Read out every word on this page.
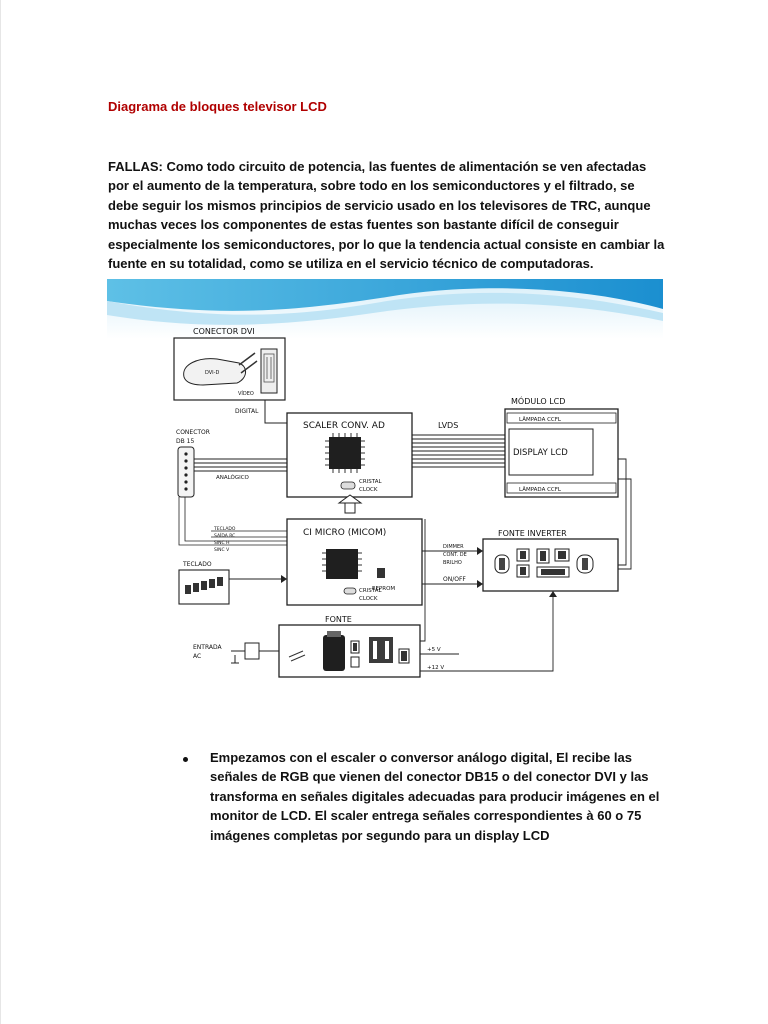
Diagrama de bloques televisor LCD
FALLAS: Como todo circuito de potencia, las fuentes de alimentación se ven afectadas por el aumento de la temperatura, sobre todo en los semiconductores y el filtrado, se debe seguir los mismos principios de servicio usado en los televisores de TRC, aunque muchas veces los componentes de estas fuentes son bastante difícil de conseguir especialmente los semiconductores, por lo que la tendencia actual consiste en cambiar la fuente en su totalidad, como se utiliza en el servicio técnico de computadoras.
CONECTOR DVI
DVI-D
VÍDEO
DIGITAL
CONECTOR
DB 15
ANALÓGICO
SCALER CONV. AD
CRISTAL
CLOCK
LVDS
MÓDULO LCD
LÂMPADA CCFL
DISPLAY LCD
LÂMPADA CCFL
CI MICRO (MICOM)
EEPROM
CRISTAL
CLOCK
TECLADO
SAÍDA RC
SINC H
SINC V
TECLADO
FONTE INVERTER
DIMMER
CONT. DE
BRILHO
ON/OFF
FONTE
ENTRADA
AC
+5 V
+12 V
Empezamos con el escaler o conversor análogo digital, El recibe las señales de RGB que vienen del conector DB15 o del conector DVI y las transforma en señales digitales adecuadas para producir imágenes en el monitor de LCD. El scaler entrega señales correspondientes à 60 o 75 imágenes completas por segundo para un display LCD
